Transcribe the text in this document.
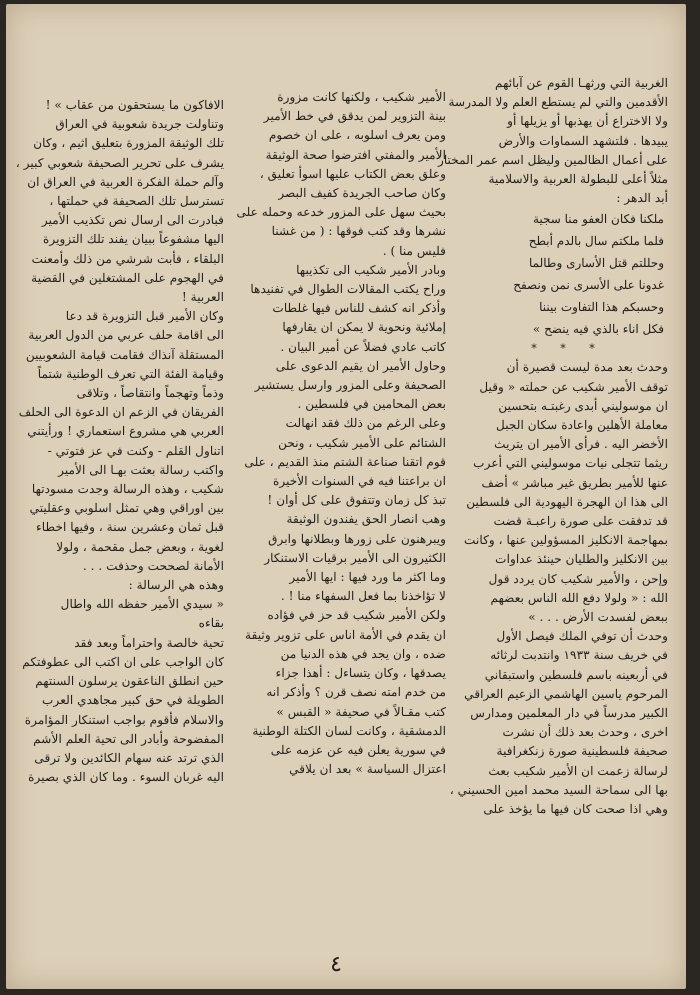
الغربية التي ورثهـا القوم عن آبائهم
الأقدمين والتي لم يستطع العلم ولا المدرسة
ولا الاختراع أن يهذبها أو يزيلها أو
يبيدها . فلتشهد السماوات والأرض
على أعمال الظالمين وليظل اسم عمر المختار
مثلاً أعلى للبطولة العربية والاسلامية
أبد الدهر :
ملكنا فكان العفو منا سجية
فلما ملكتم سال بالدم أبطح
وحللتم قتل الأسارى وطالما
غدونا على الأسرى نمن ونصفح
وحسبكم هذا التفاوت بيننا
فكل اناء بالذي فيه ينضح »
* * *
وحدث بعد مدة ليست قصيرة أن
توقف الأمير شكيب عن حملته « وقيل
ان موسوليني أبدى رغبتـه بتحسين
معاملة الأهلين واعادة سكان الجبل
الأخضر اليه . فرأى الأمير ان يتريث
ريثما تتجلى نيات موسوليني التي أعرب
عنها للأمير بطريق غير مباشر » أضف
الى هذا ان الهجرة اليهودية الى فلسطين
قد تدفقت على صورة راعبـة قضت
بمهاجمة الانكليز المسؤولين عنها ، وكانت
بين الانكليز والطليان حينئذ عداوات
وإحن ، والأمير شكيب كان يردد قول
الله : « ولولا دفع الله الناس بعضهم
ببعض لفسدت الأرض . . . »
وحدث أن توفي الملك فيصل الأول
في خريف سنة ١٩٣٣ وانتدبت لرثائه
في أربعينه باسم فلسطين واستبقاني
المرحوم ياسين الهاشمي الزعيم العراقي
الكبير مدرساً في دار المعلمين ومدارس
اخرى ، وحدث بعد ذلك أن نشرت
صحيفة فلسطينية صورة زنكغرافية
لرسالة زعمت ان الأمير شكيب بعث
بها الى سماحة السيد محمد امين الحسيني ،
وهي اذا صحت كان فيها ما يؤخذ على
الأمير شكيب ، ولكنها كانت مزورة
بينة التزوير لمن يدقق في خط الأمير
ومن يعرف اسلوبه ، على ان خصوم
الأمير والمفتي افترضوا صحة الوثيقة
وعلق بعض الكتاب عليها اسوأ تعليق ،
وكان صاحب الجريدة كفيف البصر
بحيث سهل على المزور خدعه وحمله على
نشرها وقد كتب فوقها : ( من غشنا
فليس منا ) .
وبادر الأمير شكيب الى تكذيبها
وراح يكتب المقالات الطوال في تفنيدها
وأذكر انه كشف للناس فيها غلطات
إملائية ونحوية لا يمكن ان يقارفها
كاتب عادي فضلاً عن أمير البيان .
وحاول الأمير ان يقيم الدعوى على
الصحيفة وعلى المزور وارسل يستشير
بعض المحامين في فلسطين .
وعلى الرغم من ذلك فقد انهالت
الشتائم على الأمير شكيب ، ونحن
قوم اتقنا صناعة الشتم منذ القديم ، على
ان براعتنا فيه في السنوات الأخيرة
تبذ كل زمان وتتفوق على كل أوان !
وهب انصار الحق يفندون الوثيقة
ويبرهنون على زورها وبطلانها وابرق
الكثيرون الى الأمير برقيات الاستنكار
وما اكثر ما ورد فيها : ايها الأمير
لا تؤاخذنا بما فعل السفهاء منا ! .
ولكن الأمير شكيب قد حز في فؤاده
ان يقدم في الأمة اناس على تزوير وثيقة
ضده ، وان يجد في هذه الدنيا من
يصدقها ، وكان يتساءل : أهذا جزاء
من خدم امته نصف قرن ؟ وأذكر انه
كتب مقـالاً في صحيفة « القبس »
الدمشقية ، وكانت لسان الكتلة الوطنية
في سورية يعلن فيه عن عزمه على
اعتزال السياسة » بعد ان يلاقي
الافاكون ما يستحقون من عقاب » !
وتناولت جريدة شعوبية في العراق
تلك الوثيقة المزورة بتعليق اثيم ، وكان
يشرف على تحرير الصحيفة شعوبي كبير ،
وآلم حملة الفكرة العربية في العراق ان
تسترسل تلك الصحيفة في حملتها ،
فبادرت الى ارسال نص تكذيب الأمير
اليها مشفوعاً ببيان يفند تلك التزويرة
البلقاء ، فأبت شرشي من ذلك وأمعنت
في الهجوم على المشتغلين في القضية
العربية !
وكان الأمير قبل التزويرة قد دعا
الى اقامة حلف عربي من الدول العربية
المستقلة آنذاك فقامت قيامة الشعوبيين
وقيامة الفئة التي تعرف الوطنية شتماً
وذماً وتهجماً وانتقاصاً ، وتلاقى
الفريقان في الزعم ان الدعوة الى الحلف
العربي هي مشروع استعماري ! ورأيتني
اتناول القلم - وكنت في عز فتوتي -
واكتب رسالة بعثت بهـا الى الأمير
شكيب ، وهذه الرسالة وجدت مسودتها
بين اوراقي وهي تمثل اسلوبي وعقليتي
قبل ثمان وعشرين سنة ، وفيها اخطاء
لغوية ، وبعض جمل مقحمة ، ولولا
الأمانة لصححت وحذفت . . .
وهذه هي الرسالة :
« سيدي الأمير حفظه الله واطال
بقاءه
تحية خالصة واحتراماً وبعد فقد
كان الواجب على ان اكتب الى عطوفتكم
حين انطلق الناعقون يرسلون السنتهم
الطويلة في حق كبير مجاهدي العرب
والاسلام فأقوم بواجب استنكار المؤامرة
المفضوحة وأبادر الى تحية العلم الأشم
الذي ترتد عنه سهام الكائدين ولا ترقى
اليه غربان السوء . وما كان الذي بصيرة
٤
